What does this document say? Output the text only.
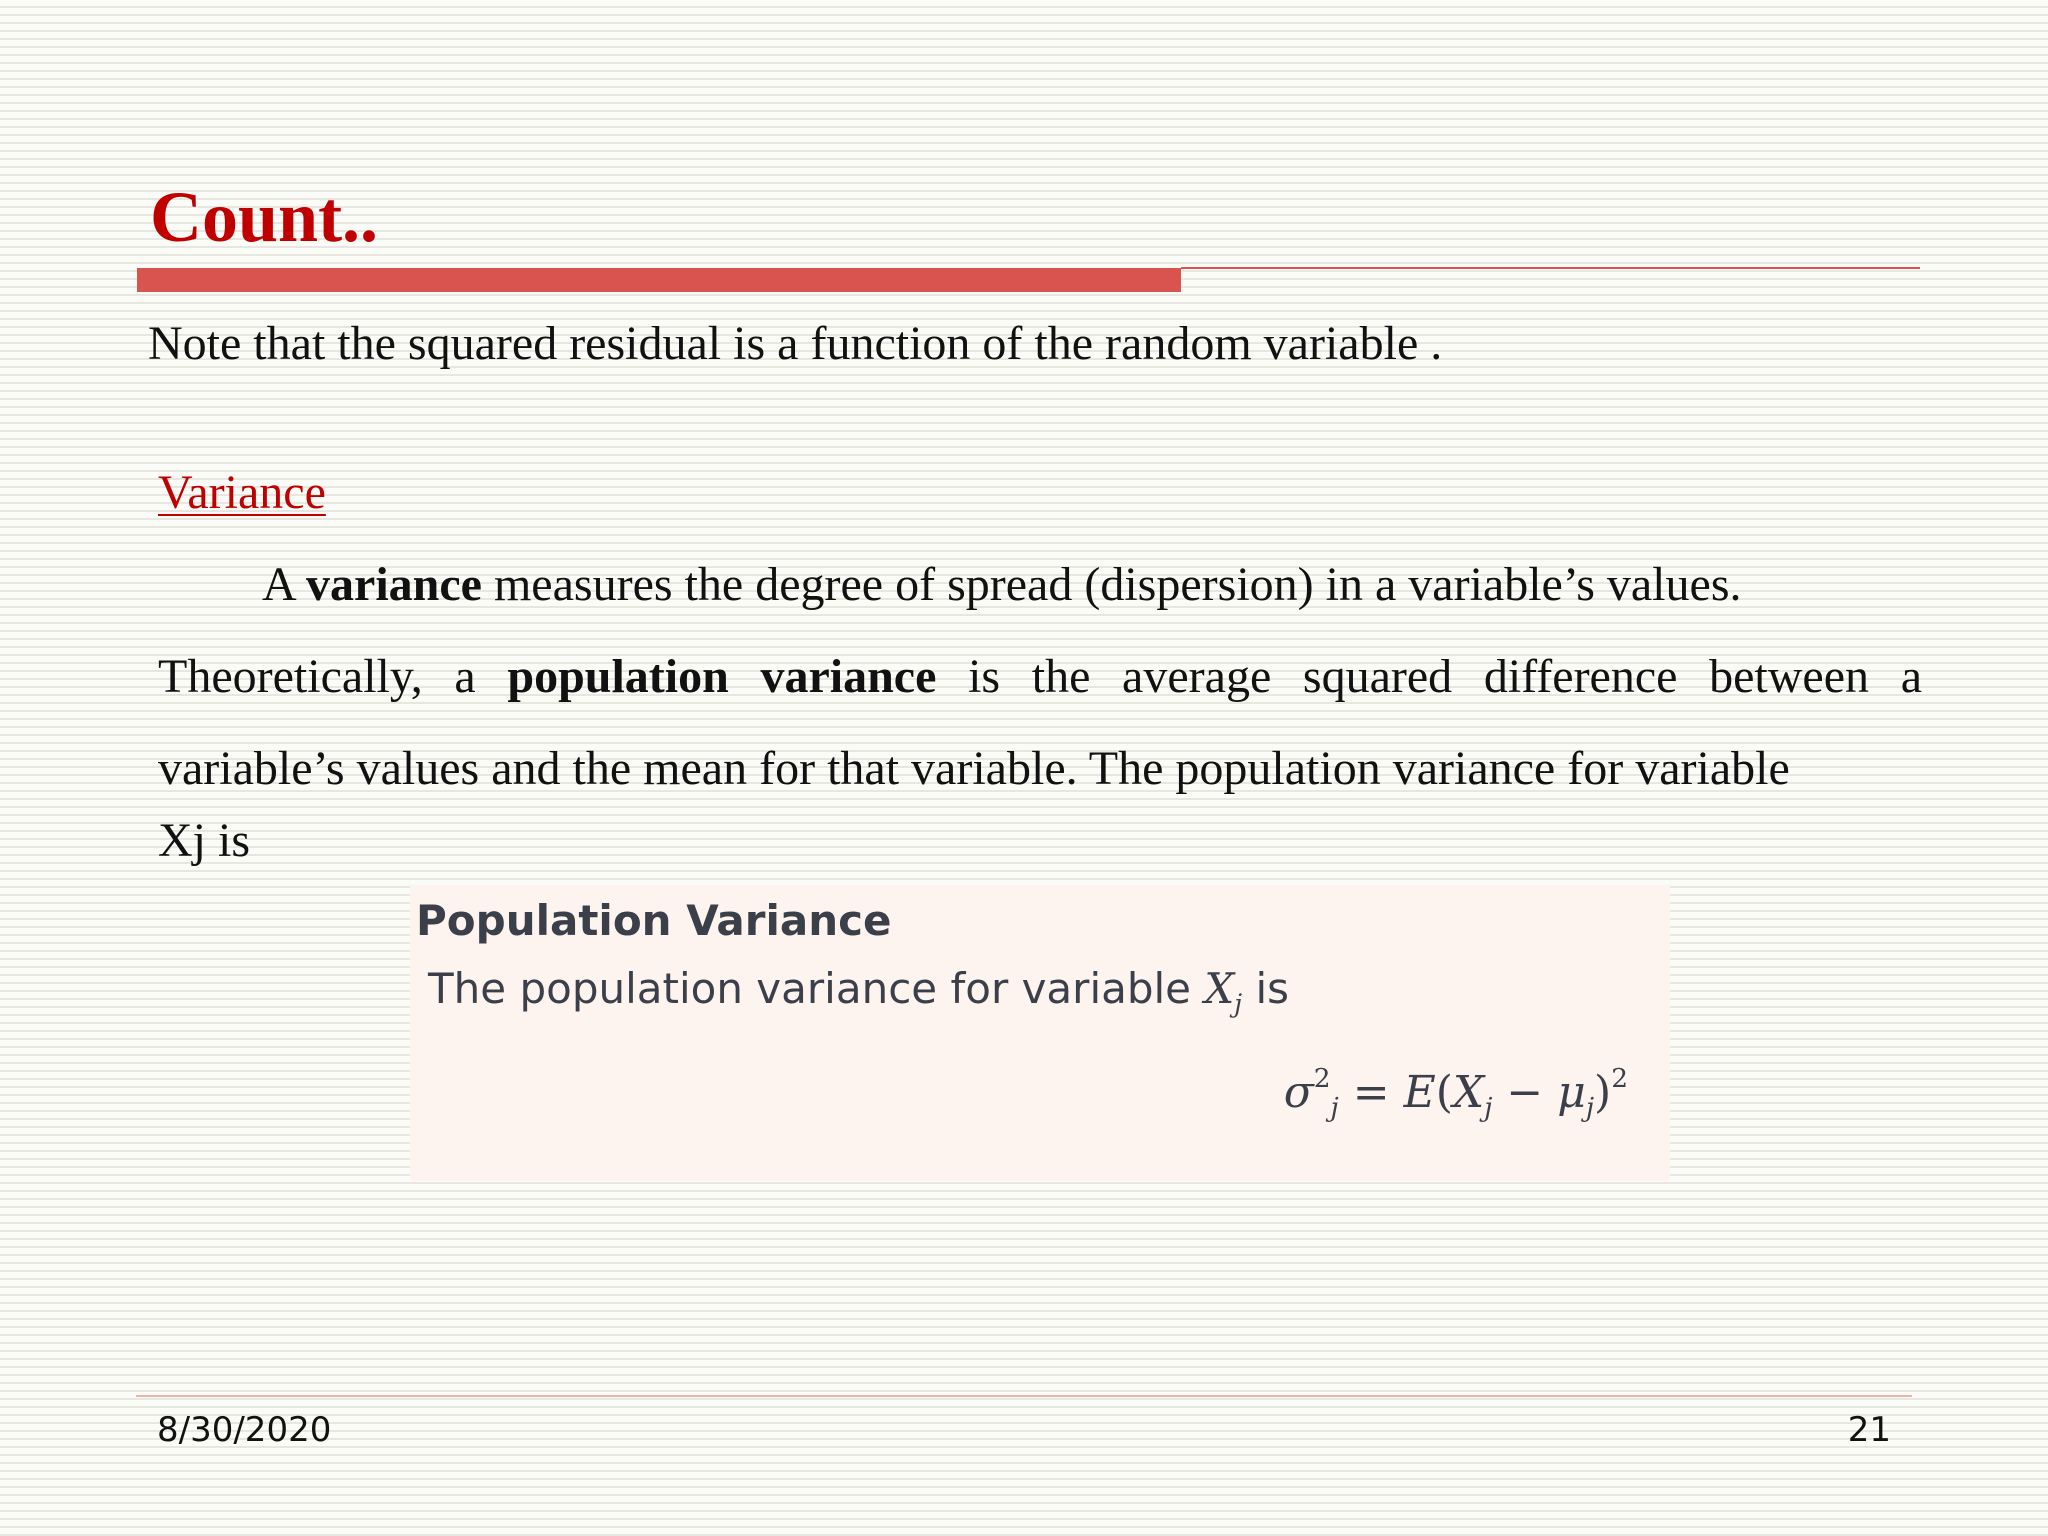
Count..

Note that the squared residual is a function of the random variable .

Variance

A variance measures the degree of spread (dispersion) in a variable’s values.

Theoretically, a population variance is the average squared difference between a

variable’s values and the mean for that variable. The population variance for variable

Xj is

Population Variance

The population variance for variable $X_j$ is

$\sigma^2_j = E(X_j - \mu_j)^2$

8/30/2020	21
